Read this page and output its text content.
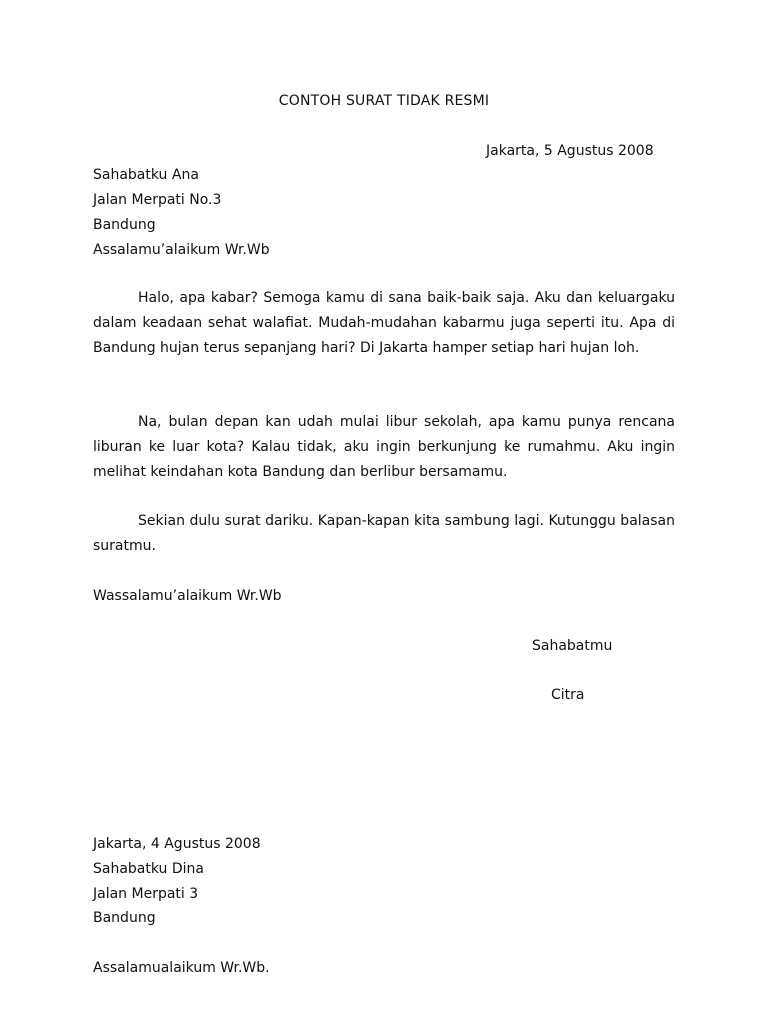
CONTOH SURAT TIDAK RESMI
Jakarta, 5 Agustus 2008
Sahabatku Ana
Jalan Merpati No.3
Bandung
Assalamu’alaikum Wr.Wb

Halo, apa kabar? Semoga kamu di sana baik-baik saja. Aku dan keluargaku dalam keadaan sehat walafiat. Mudah-mudahan kabarmu juga seperti itu. Apa di Bandung hujan terus sepanjang hari? Di Jakarta hamper setiap hari hujan loh.

Na, bulan depan kan udah mulai libur sekolah, apa kamu punya rencana liburan ke luar kota? Kalau tidak, aku ingin berkunjung ke rumahmu. Aku ingin melihat keindahan kota Bandung dan berlibur bersamamu.

Sekian dulu surat dariku. Kapan-kapan kita sambung lagi. Kutunggu balasan suratmu.

Wassalamu’alaikum Wr.Wb
Sahabatmu
Citra
Jakarta, 4 Agustus 2008
Sahabatku Dina
Jalan Merpati 3
Bandung
Assalamualaikum Wr.Wb.
